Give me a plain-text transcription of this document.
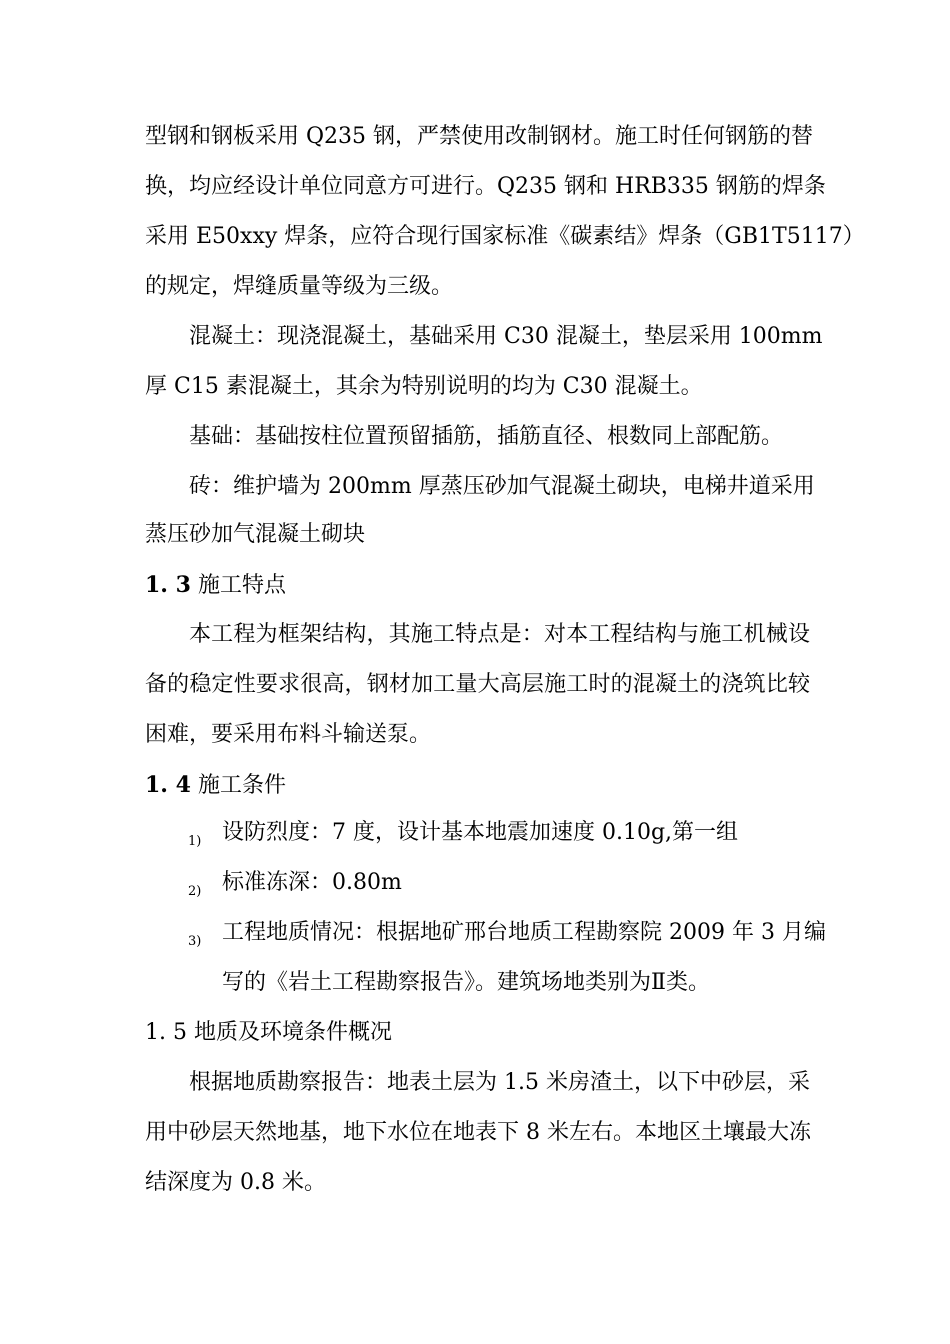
型钢和钢板采用 Q235 钢，严禁使用改制钢材。施工时任何钢筋的替
换，均应经设计单位同意方可进行。Q235 钢和 HRB335 钢筋的焊条
采用 E50xxy 焊条，应符合现行国家标准《碳素结》焊条（GB1T5117）
的规定，焊缝质量等级为三级。
混凝土：现浇混凝土，基础采用 C30 混凝土，垫层采用 100mm
厚 C15 素混凝土，其余为特别说明的均为 C30 混凝土。
基础：基础按柱位置预留插筋，插筋直径、根数同上部配筋。
砖：维护墙为 200mm 厚蒸压砂加气混凝土砌块，电梯井道采用
蒸压砂加气混凝土砌块
1. 3 施工特点
本工程为框架结构，其施工特点是：对本工程结构与施工机械设
备的稳定性要求很高，钢材加工量大高层施工时的混凝土的浇筑比较
困难，要采用布料斗输送泵。
1. 4 施工条件
1) 设防烈度：7 度，设计基本地震加速度 0.10g,第一组
2) 标准冻深：0.80m
3) 工程地质情况：根据地矿邢台地质工程勘察院 2009 年 3 月编
写的《岩土工程勘察报告》。建筑场地类别为Ⅱ类。
1. 5 地质及环境条件概况
根据地质勘察报告：地表土层为 1.5 米房渣土，以下中砂层，采
用中砂层天然地基，地下水位在地表下 8 米左右。本地区土壤最大冻
结深度为 0.8 米。
